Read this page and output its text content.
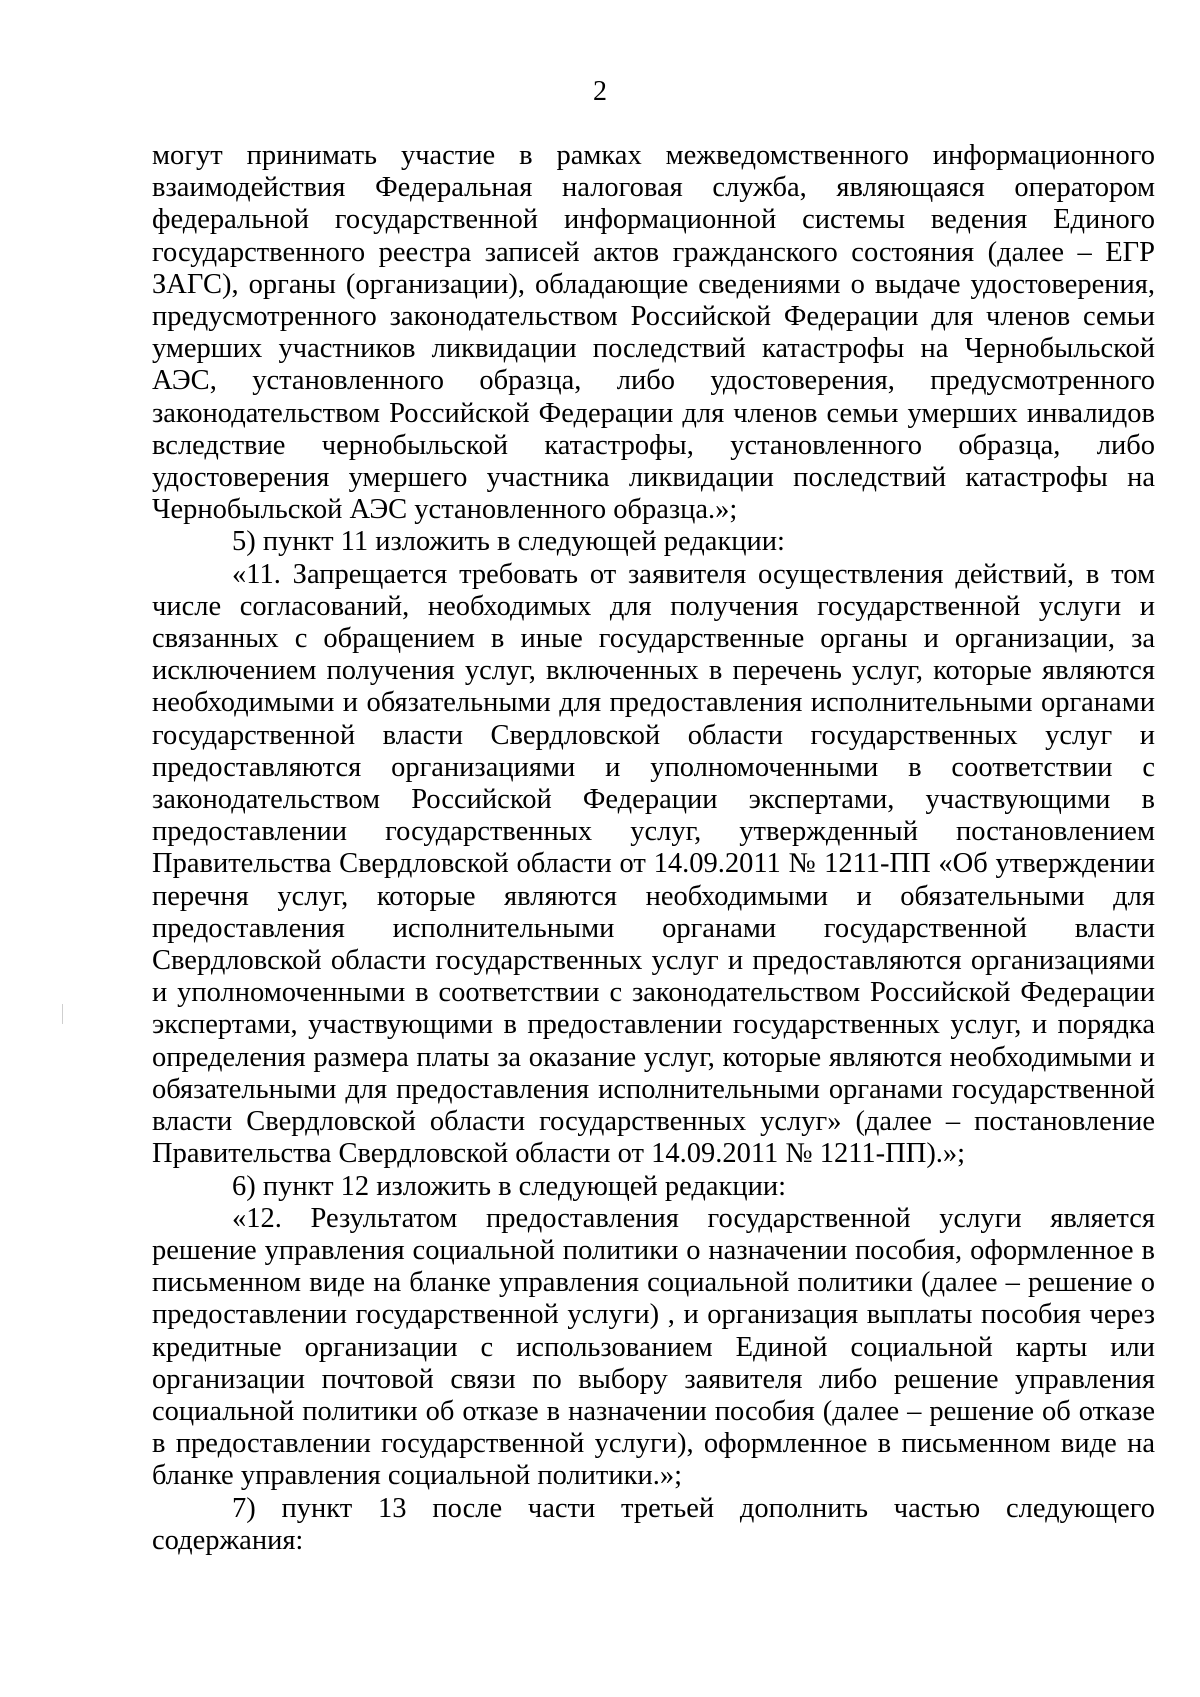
2

могут принимать участие в рамках межведомственного информационного взаимодействия Федеральная налоговая служба, являющаяся оператором федеральной государственной информационной системы ведения Единого государственного реестра записей актов гражданского состояния (далее – ЕГР ЗАГС), органы (организации), обладающие сведениями о выдаче удостоверения, предусмотренного законодательством Российской Федерации для членов семьи умерших участников ликвидации последствий катастрофы на Чернобыльской АЭС, установленного образца, либо удостоверения, предусмотренного законодательством Российской Федерации для членов семьи умерших инвалидов вследствие чернобыльской катастрофы, установленного образца, либо удостоверения умершего участника ликвидации последствий катастрофы на Чернобыльской АЭС установленного образца.»;

5) пункт 11 изложить в следующей редакции:

«11. Запрещается требовать от заявителя осуществления действий, в том числе согласований, необходимых для получения государственной услуги и связанных с обращением в иные государственные органы и организации, за исключением получения услуг, включенных в перечень услуг, которые являются необходимыми и обязательными для предоставления исполнительными органами государственной власти Свердловской области государственных услуг и предоставляются организациями и уполномоченными в соответствии с законодательством Российской Федерации экспертами, участвующими в предоставлении государственных услуг, утвержденный постановлением Правительства Свердловской области от 14.09.2011 № 1211-ПП «Об утверждении перечня услуг, которые являются необходимыми и обязательными для предоставления исполнительными органами государственной власти Свердловской области государственных услуг и предоставляются организациями и уполномоченными в соответствии с законодательством Российской Федерации экспертами, участвующими в предоставлении государственных услуг, и порядка определения размера платы за оказание услуг, которые являются необходимыми и обязательными для предоставления исполнительными органами государственной власти Свердловской области государственных услуг» (далее – постановление Правительства Свердловской области от 14.09.2011 № 1211-ПП).»;

6) пункт 12 изложить в следующей редакции:

«12. Результатом предоставления государственной услуги является решение управления социальной политики о назначении пособия, оформленное в письменном виде на бланке управления социальной политики (далее – решение о предоставлении государственной услуги) , и организация выплаты пособия через кредитные организации с использованием Единой социальной карты или организации почтовой связи по выбору заявителя либо решение управления социальной политики об отказе в назначении пособия (далее – решение об отказе в предоставлении государственной услуги), оформленное в письменном виде на бланке управления социальной политики.»;

7) пункт 13 после части третьей дополнить частью следующего содержания:
